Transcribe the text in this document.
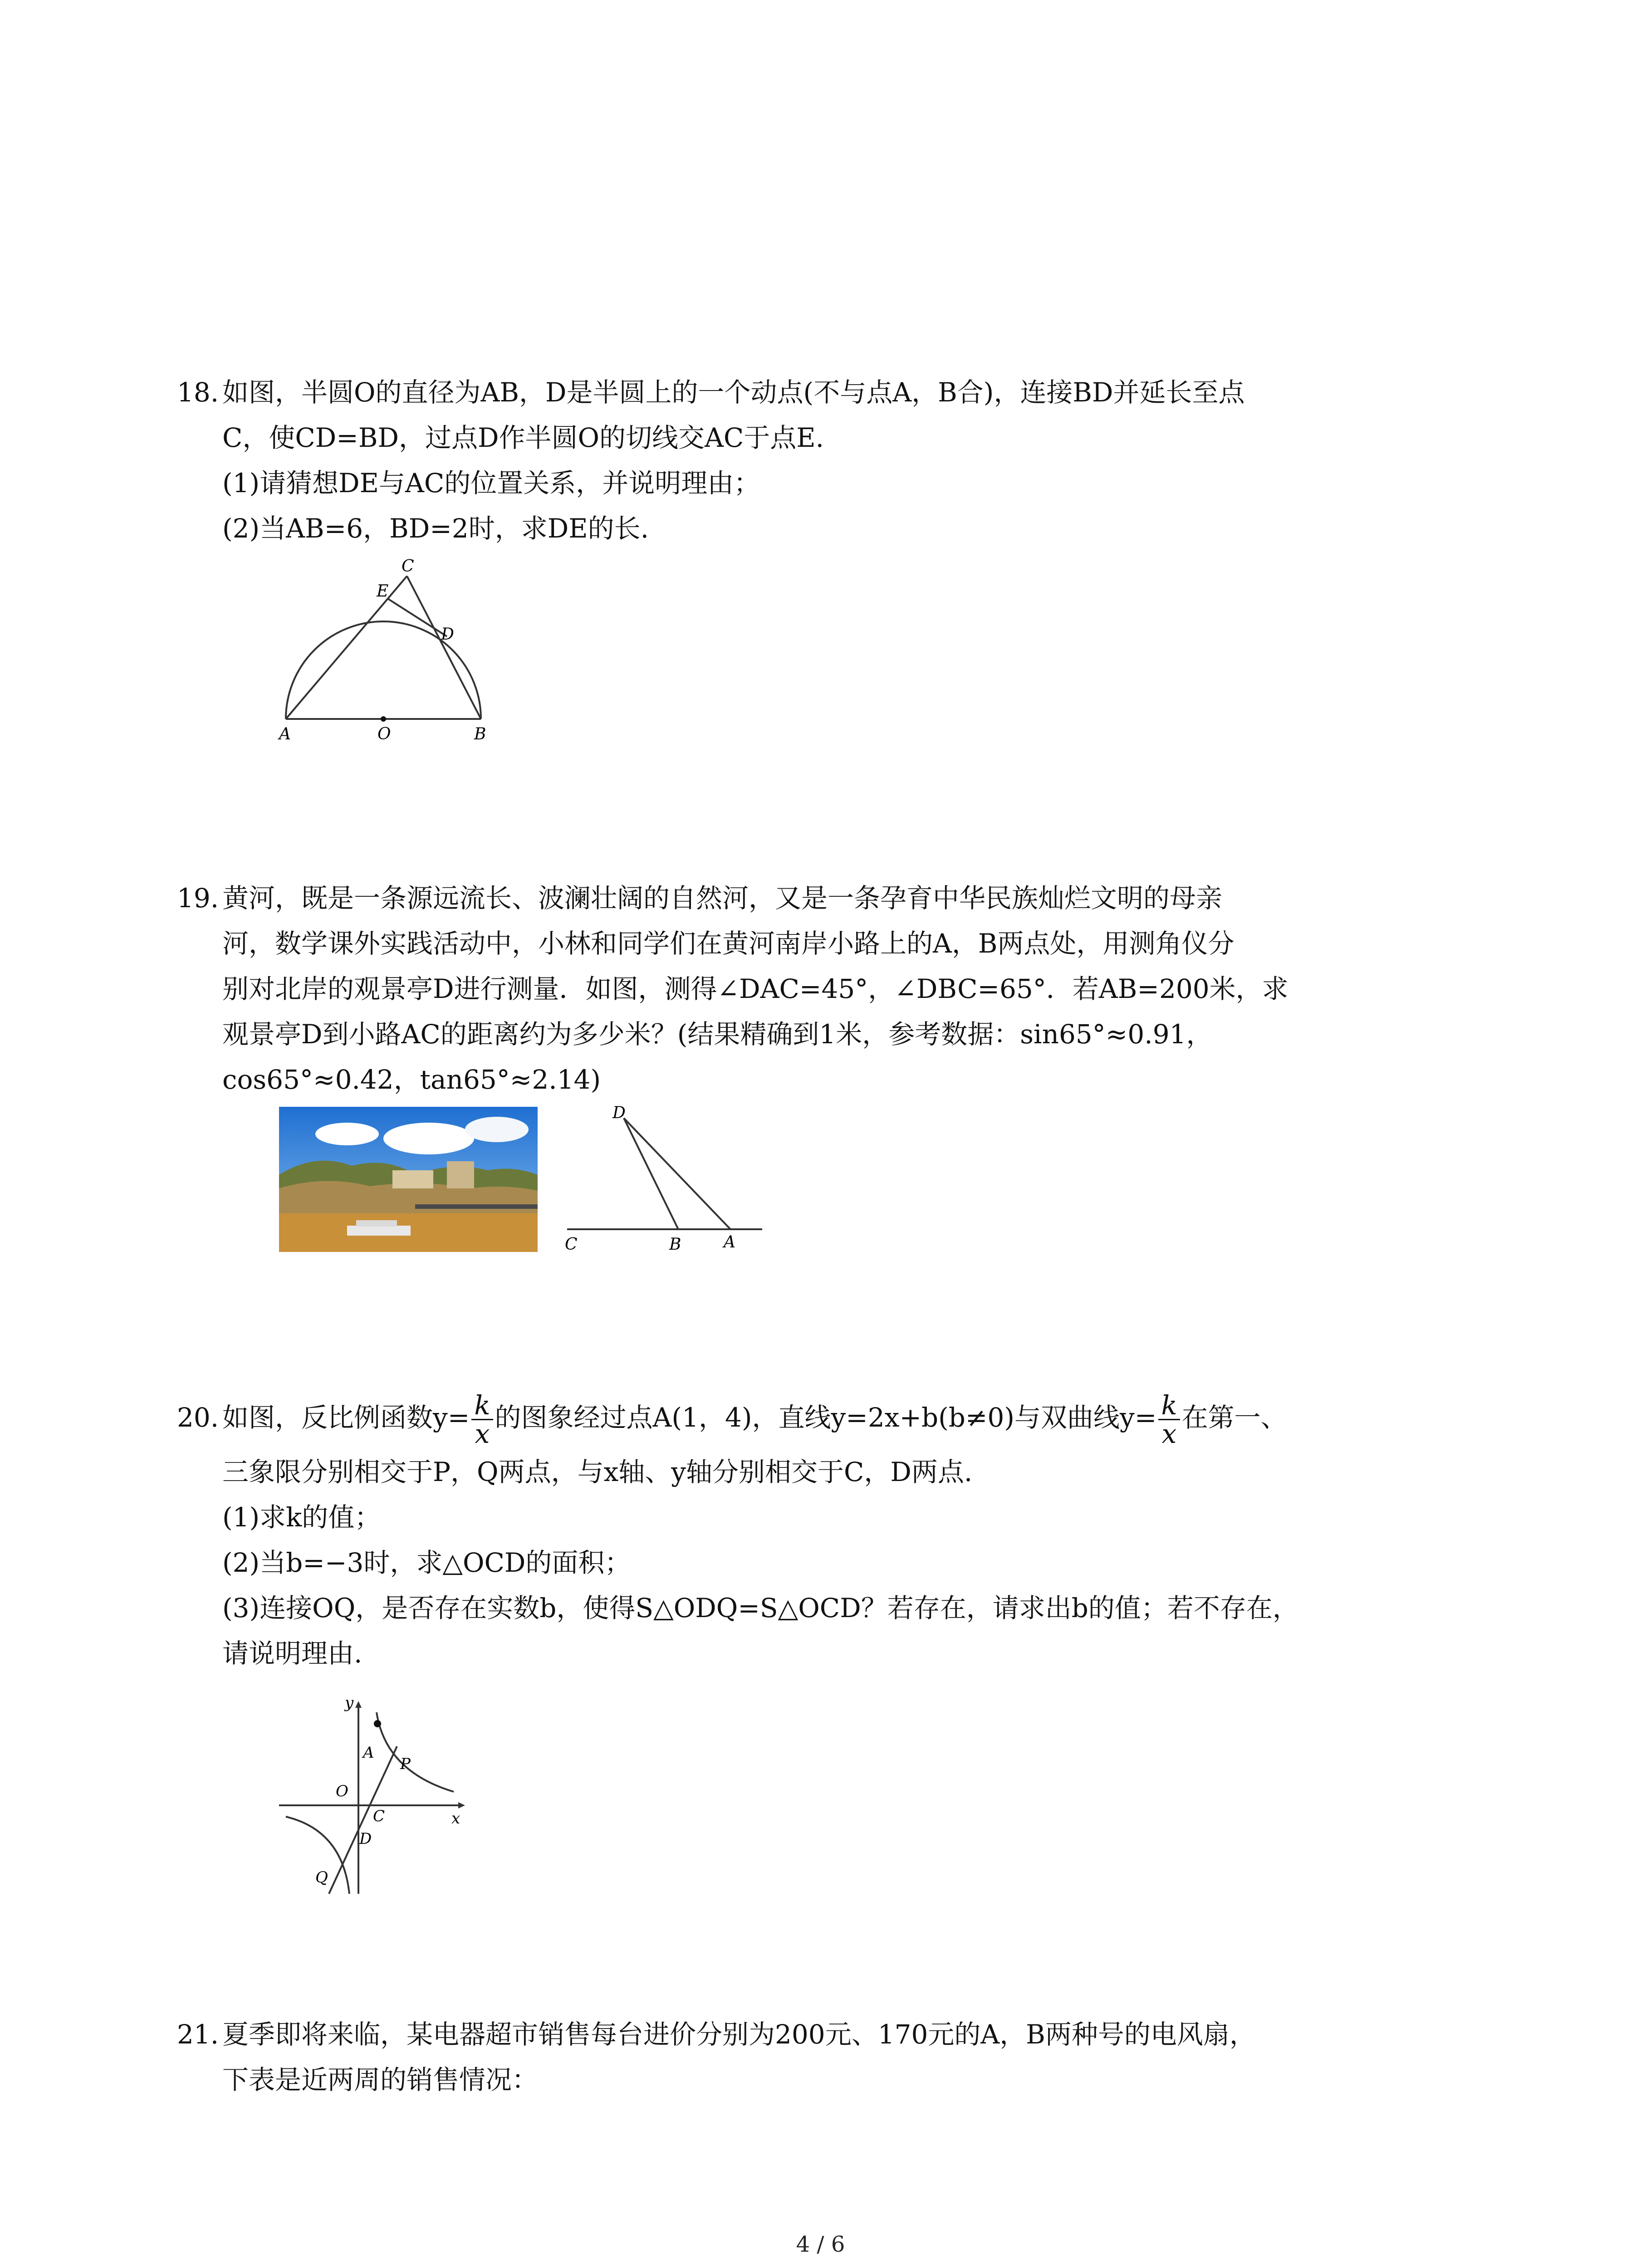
18. 如图，半圆O的直径为AB，D是半圆上的一个动点(不与点A，B合)，连接BD并延长至点
C，使CD=BD，过点D作半圆O的切线交AC于点E.
(1)请猜想DE与AC的位置关系，并说明理由；
(2)当AB=6，BD=2时，求DE的长.
C
E
D
A	O	B
19. 黄河，既是一条源远流长、波澜壮阔的自然河，又是一条孕育中华民族灿烂文明的母亲
河，数学课外实践活动中，小林和同学们在黄河南岸小路上的A，B两点处，用测角仪分
别对北岸的观景亭D进行测量．如图，测得∠DAC=45°，∠DBC=65°．若AB=200米，求
观景亭D到小路AC的距离约为多少米？(结果精确到1米，参考数据：sin65°≈0.91，
cos65°≈0.42，tan65°≈2.14)
D
C	B	A
20. 如图，反比例函数$y= \frac{k}{x}$ 的图象经过点A(1，4)，直线y=2x+b(b≠0)与双曲线$y= \frac{k}{x}$ 在第一、
三象限分别相交于P，Q两点，与x轴、y轴分别相交于C，D两点.
(1)求k的值；
(2)当b=−3时，求△OCD的面积；
(3)连接OQ，是否存在实数b，使得S△ODQ=S△OCD？若存在，请求出b的值；若不存在，
请说明理由.
y
x
O
A
P
C
D
Q
21. 夏季即将来临，某电器超市销售每台进价分别为200元、170元的A，B两种号的电风扇，
下表是近两周的销售情况：
4 / 6
